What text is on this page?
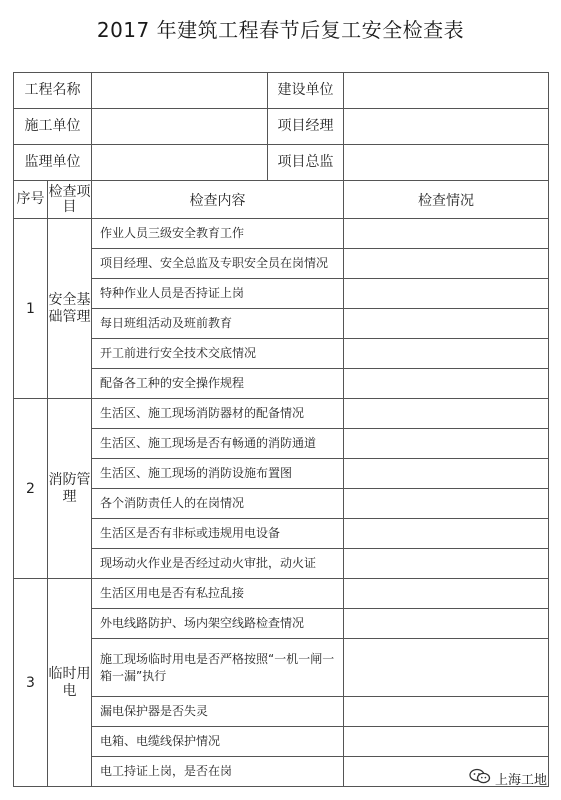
2017 年建筑工程春节后复工安全检查表
工程名称			建设单位	
施工单位			项目经理	
监理单位			项目总监	
序号	检查项目	检查内容		检查情况
1	安全基础管理	作业人员三级安全教育工作		
		项目经理、安全总监及专职安全员在岗情况		
		特种作业人员是否持证上岗		
		每日班组活动及班前教育		
		开工前进行安全技术交底情况		
		配备各工种的安全操作规程		
2	消防管理	生活区、施工现场消防器材的配备情况		
		生活区、施工现场是否有畅通的消防通道		
		生活区、施工现场的消防设施布置图		
		各个消防责任人的在岗情况		
		生活区是否有非标或违规用电设备		
		现场动火作业是否经过动火审批，动火证		
3	临时用电	生活区用电是否有私拉乱接		
		外电线路防护、场内架空线路检查情况		
		施工现场临时用电是否严格按照“一机一闸一箱一漏”执行		
		漏电保护器是否失灵		
		电箱、电缆线保护情况		
		电工持证上岗，是否在岗		
上海工地
